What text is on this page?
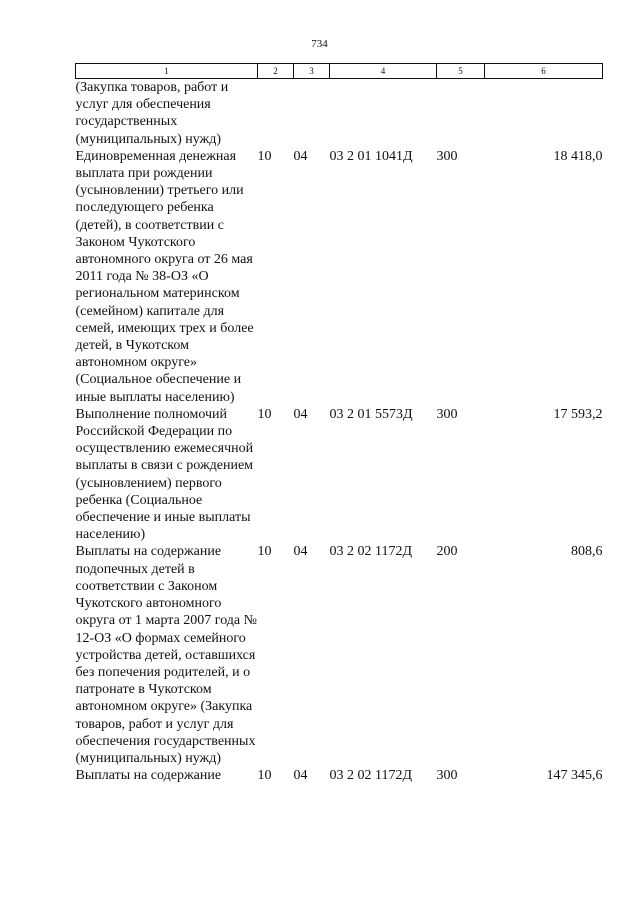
734
1	2	3	4	5	6
(Закупка товаров, работ и услуг для обеспечения государственных (муниципальных) нужд)					
Единовременная денежная выплата при рождении (усыновлении) третьего или последующего ребенка (детей), в соответствии с Законом Чукотского автономного округа от 26 мая 2011 года № 38-ОЗ «О региональном материнском (семейном) капитале для семей, имеющих трех и более детей, в Чукотском автономном округе» (Социальное обеспечение и иные выплаты населению)	10	04	03 2 01 1041Д	300	18 418,0
Выполнение полномочий Российской Федерации по осуществлению ежемесячной выплаты в связи с рождением (усыновлением) первого ребенка (Социальное обеспечение и иные выплаты населению)	10	04	03 2 01 5573Д	300	17 593,2
Выплаты на содержание подопечных детей в соответствии с Законом Чукотского автономного округа от 1 марта 2007 года № 12-ОЗ «О формах семейного устройства детей, оставшихся без попечения родителей, и о патронате в Чукотском автономном округе» (Закупка товаров, работ и услуг для обеспечения государственных (муниципальных) нужд)	10	04	03 2 02 1172Д	200	808,6
Выплаты на содержание	10	04	03 2 02 1172Д	300	147 345,6
